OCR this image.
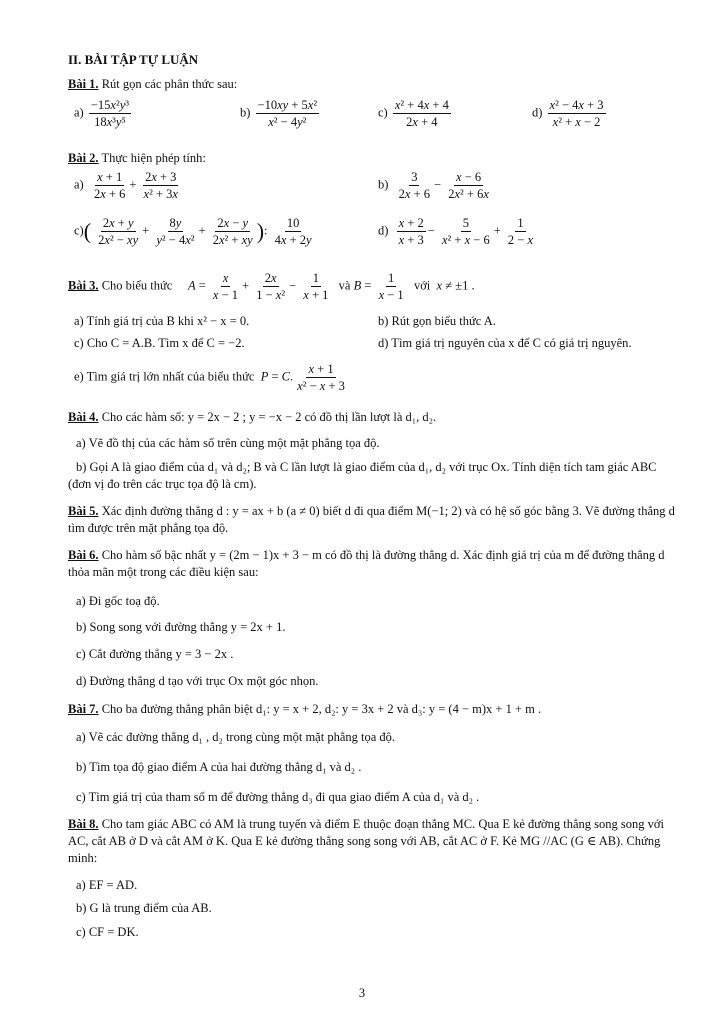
II. BÀI TẬP TỰ LUẬN
Bài 1. Rút gọn các phân thức sau:
$a) \frac{\text{−15x²y³}}{\text{18x³y⁵}}$	$b) \frac{\text{−10xy + 5x²}}{\text{x² − 4y²}}$	$c) \frac{\text{x² + 4x + 4}}{2x + 4}$	$d) \frac{\text{x² − 4x + 3}}{\text{x² + x − 2}}$
Bài 2. Thực hiện phép tính:
$a) \frac{x + 1}{2x + 6} + \frac{2x + 3}{\text{x² + 3x}}$	$b) \frac{3}{2x + 6} - \frac{x - 6}{\text{2x² + 6x}}$
$c)( \frac{2x + y}{\text{2x² − xy}} + \frac{8y}{\text{y² − 4x²}} + \frac{2x - y}{\text{2x² + xy}}$ ): $\frac{10}{4x + 2y}$	$d) \frac{x + 2}{x + 3} - \frac{5}{\text{x² + x − 6}} + \frac{1}{2 - x}$
Bài 3. Cho biểu thức $A = \frac{x}{x - 1} + \frac{2x}{\text{1 − x²}} - \frac{1}{x + 1}$ và $B = \frac{1}{x - 1}$ với  x ≠ ±1 .
a) Tính giá trị của B khi x² − x = 0.	b) Rút gọn biểu thức A.
c) Cho C = A.B. Tìm x để C = −2.	d) Tìm giá trị nguyên của x để C có giá trị nguyên.
e) Tìm giá trị lớn nhất của biểu thức P = C. $\frac{x + 1}{\text{x² − x + 3}}$
Bài 4. Cho các hàm số: y = 2x − 2 ; y = −x − 2 có đồ thị lần lượt là d₁, d₂.
a) Vẽ đồ thị của các hàm số trên cùng một mặt phẳng tọa độ.
b) Gọi A là giao điểm của d₁ và d₂; B và C lần lượt là giao điểm của d₁, d₂ với trục Ox. Tính diện tích tam giác ABC (đơn vị đo trên các trục tọa độ là cm).
Bài 5. Xác định đường thẳng d : y = ax + b (a ≠ 0) biết d đi qua điểm M(−1; 2) và có hệ số góc bằng 3. Vẽ đường thẳng d tìm được trên mặt phẳng tọa độ.
Bài 6. Cho hàm số bậc nhất y = (2m − 1)x + 3 − m có đồ thị là đường thẳng d. Xác định giá trị của m để đường thẳng d thỏa mãn một trong các điều kiện sau:
a) Đi gốc toạ độ.
b) Song song với đường thẳng y = 2x + 1.
c) Cắt đường thẳng y = 3 − 2x .
d) Đường thẳng d tạo với trục Ox một góc nhọn.
Bài 7. Cho ba đường thẳng phân biệt d₁: y = x + 2, d₂: y = 3x + 2 và d₃: y = (4 − m)x + 1 + m .
a) Vẽ các đường thẳng d₁ , d₂ trong cùng một mặt phẳng tọa độ.
b) Tìm tọa độ giao điểm A của hai đường thẳng d₁ và d₂ .
c) Tìm giá trị của tham số m để đường thẳng d₃ đi qua giao điểm A của d₁ và d₂ .
Bài 8. Cho tam giác ABC có AM là trung tuyến và điểm E thuộc đoạn thẳng MC. Qua E kẻ đường thẳng song song với AC, cắt AB ở D và cắt AM ở K. Qua E kẻ đường thẳng song song với AB, cắt AC ở F. Kẻ MG //AC (G ∈ AB). Chứng minh:
a) EF = AD.
b) G là trung điểm của AB.
c) CF = DK.
3
